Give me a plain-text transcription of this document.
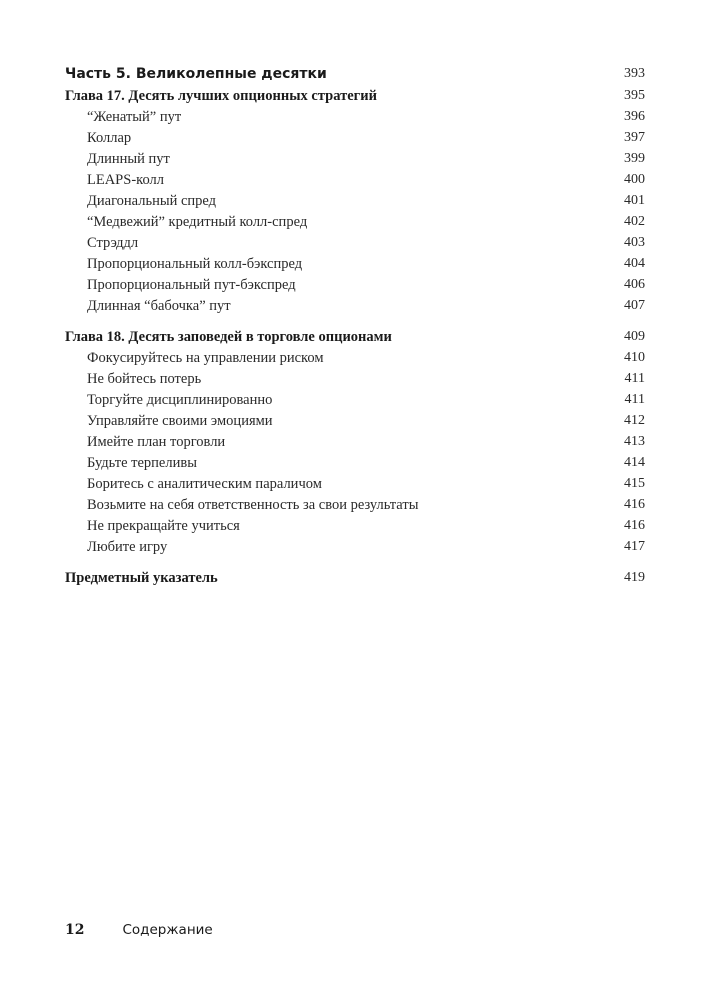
Часть 5. Великолепные десятки	393
Глава 17. Десять лучших опционных стратегий	395
“Женатый” пут	396
Коллар	397
Длинный пут	399
LEAPS-колл	400
Диагональный спред	401
“Медвежий” кредитный колл-спред	402
Стрэддл	403
Пропорциональный колл-бэкспред	404
Пропорциональный пут-бэкспред	406
Длинная “бабочка” пут	407
Глава 18. Десять заповедей в торговле опционами	409
Фокусируйтесь на управлении риском	410
Не бойтесь потерь	411
Торгуйте дисциплинированно	411
Управляйте своими эмоциями	412
Имейте план торговли	413
Будьте терпеливы	414
Боритесь с аналитическим параличом	415
Возьмите на себя ответственность за свои результаты	416
Не прекращайте учиться	416
Любите игру	417
Предметный указатель	419
12	Содержание
